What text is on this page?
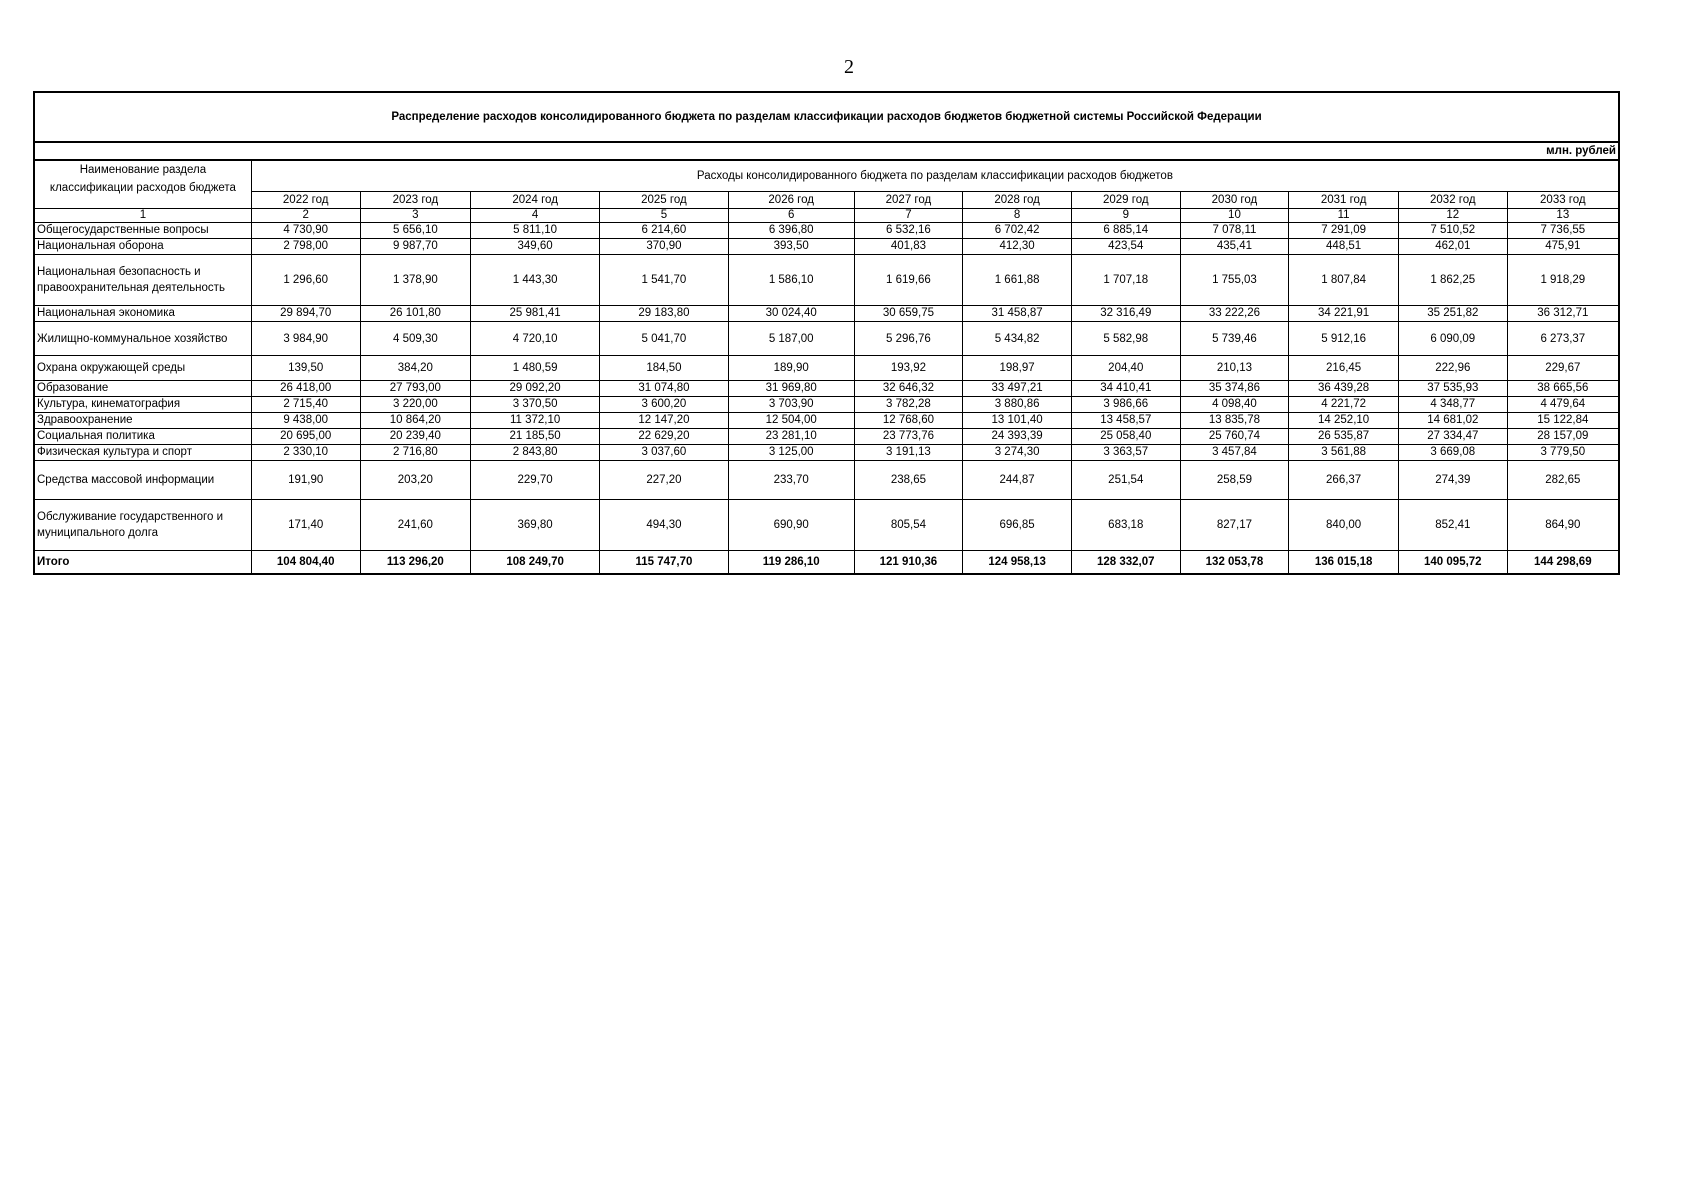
2
Распределение расходов консолидированного бюджета по разделам классификации расходов бюджетов бюджетной системы Российской Федерации
млн. рублей
Наименование раздела классификации расходов бюджета	Расходы консолидированного бюджета по разделам классификации расходов бюджетов											
	2022 год	2023 год	2024 год	2025 год	2026 год	2027 год	2028 год	2029 год	2030 год	2031 год	2032 год	2033 год
1	2	3	4	5	6	7	8	9	10	11	12	13
Общегосударственные вопросы	4 730,90	5 656,10	5 811,10	6 214,60	6 396,80	6 532,16	6 702,42	6 885,14	7 078,11	7 291,09	7 510,52	7 736,55
Национальная оборона	2 798,00	9 987,70	349,60	370,90	393,50	401,83	412,30	423,54	435,41	448,51	462,01	475,91
Национальная безопасность и правоохранительная деятельность	1 296,60	1 378,90	1 443,30	1 541,70	1 586,10	1 619,66	1 661,88	1 707,18	1 755,03	1 807,84	1 862,25	1 918,29
Национальная экономика	29 894,70	26 101,80	25 981,41	29 183,80	30 024,40	30 659,75	31 458,87	32 316,49	33 222,26	34 221,91	35 251,82	36 312,71
Жилищно-коммунальное хозяйство	3 984,90	4 509,30	4 720,10	5 041,70	5 187,00	5 296,76	5 434,82	5 582,98	5 739,46	5 912,16	6 090,09	6 273,37
Охрана окружающей среды	139,50	384,20	1 480,59	184,50	189,90	193,92	198,97	204,40	210,13	216,45	222,96	229,67
Образование	26 418,00	27 793,00	29 092,20	31 074,80	31 969,80	32 646,32	33 497,21	34 410,41	35 374,86	36 439,28	37 535,93	38 665,56
Культура, кинематография	2 715,40	3 220,00	3 370,50	3 600,20	3 703,90	3 782,28	3 880,86	3 986,66	4 098,40	4 221,72	4 348,77	4 479,64
Здравоохранение	9 438,00	10 864,20	11 372,10	12 147,20	12 504,00	12 768,60	13 101,40	13 458,57	13 835,78	14 252,10	14 681,02	15 122,84
Социальная политика	20 695,00	20 239,40	21 185,50	22 629,20	23 281,10	23 773,76	24 393,39	25 058,40	25 760,74	26 535,87	27 334,47	28 157,09
Физическая культура и спорт	2 330,10	2 716,80	2 843,80	3 037,60	3 125,00	3 191,13	3 274,30	3 363,57	3 457,84	3 561,88	3 669,08	3 779,50
Средства массовой информации	191,90	203,20	229,70	227,20	233,70	238,65	244,87	251,54	258,59	266,37	274,39	282,65
Обслуживание государственного и муниципального долга	171,40	241,60	369,80	494,30	690,90	805,54	696,85	683,18	827,17	840,00	852,41	864,90
Итого	104 804,40	113 296,20	108 249,70	115 747,70	119 286,10	121 910,36	124 958,13	128 332,07	132 053,78	136 015,18	140 095,72	144 298,69
